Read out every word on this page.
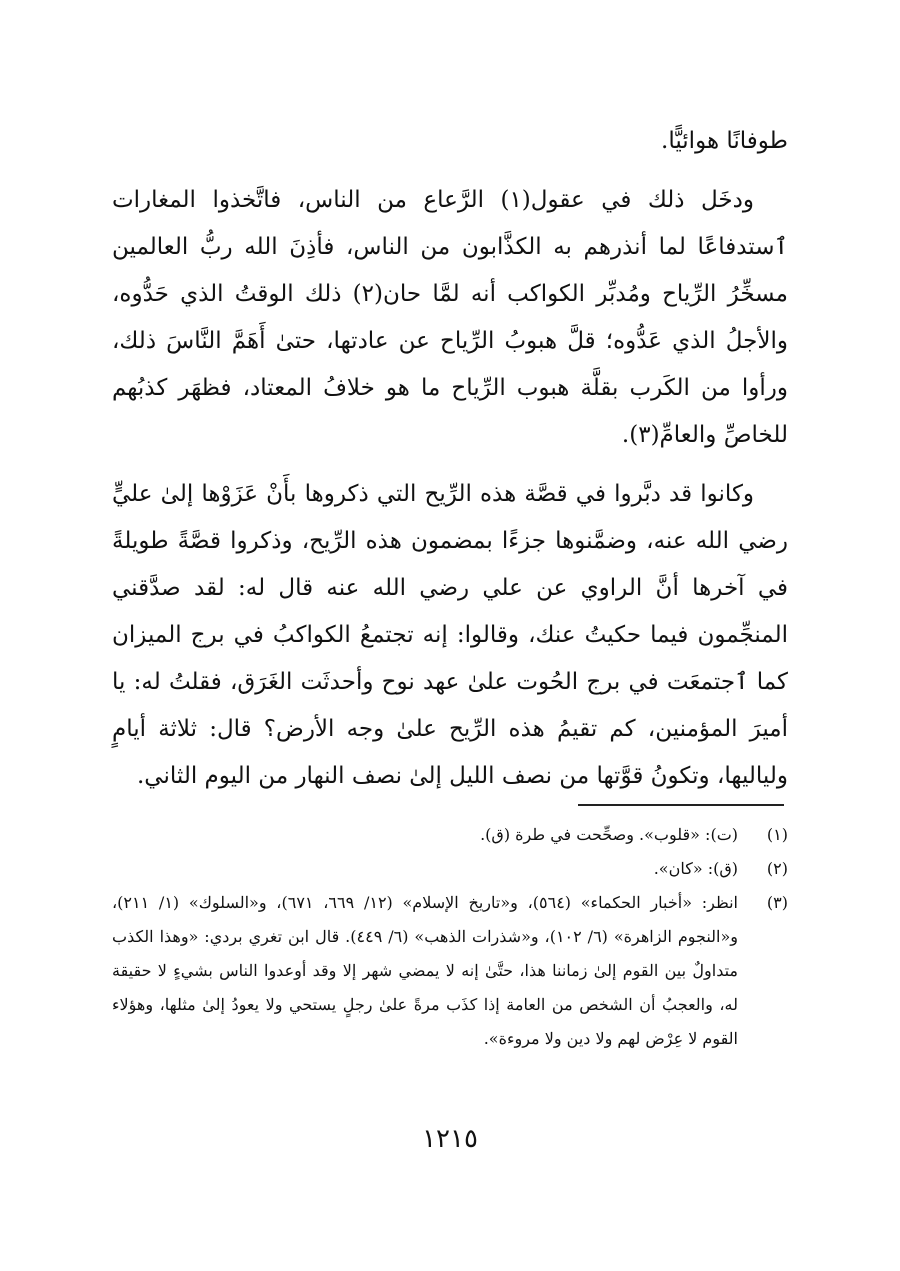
طوفانًا هوائيًّا.

ودخَل ذلك في عقول(١) الرَّعاع من الناس، فاتَّخذوا المغارات ٱستدفاعًا لما أنذرهم به الكذَّابون من الناس، فأذِنَ الله ربُّ العالمين مسخِّرُ الرِّياح ومُدبِّر الكواكب أنه لمَّا حان(٢) ذلك الوقتُ الذي حَدُّوه، والأجلُ الذي عَدُّوه؛ قلَّ هبوبُ الرِّياح عن عادتها، حتىٰ أَهَمَّ النَّاسَ ذلك، ورأوا من الكَرب بقلَّة هبوب الرِّياح ما هو خلافُ المعتاد، فظهَر كذبُهم للخاصِّ والعامِّ(٣).

وكانوا قد دبَّروا في قصَّة هذه الرِّيح التي ذكروها بأَنْ عَزَوْها إلىٰ عليٍّ رضي الله عنه، وضمَّنوها جزءًا بمضمون هذه الرِّيح، وذكروا قصَّةً طويلةً في آخرها أنَّ الراوي عن علي رضي الله عنه قال له: لقد صدَّقني المنجِّمون فيما حكيتُ عنك، وقالوا: إنه تجتمعُ الكواكبُ في برج الميزان كما ٱجتمعَت في برج الحُوت علىٰ عهد نوح وأحدثَت الغَرَق، فقلتُ له: يا أميرَ المؤمنين، كم تقيمُ هذه الرِّيح علىٰ وجه الأرض؟ قال: ثلاثة أيامٍ ولياليها، وتكونُ قوَّتها من نصف الليل إلىٰ نصف النهار من اليوم الثاني.

(١)
(ت): «قلوب». وصحِّحت في طرة (ق).
(٢)
(ق): «كان».
(٣)
انظر: «أخبار الحكماء» (٥٦٤)، و«تاريخ الإسلام» (١٢/ ٦٦٩، ٦٧١)، و«السلوك» (١/ ٢١١)، و«النجوم الزاهرة» (٦/ ١٠٢)، و«شذرات الذهب» (٦/ ٤٤٩). قال ابن تغري بردي: «وهذا الكذب متداولٌ بين القوم إلىٰ زماننا هذا، حتَّىٰ إنه لا يمضي شهر إلا وقد أوعدوا الناس بشيءٍ لا حقيقة له، والعجبُ أن الشخص من العامة إذا كذَب مرةً علىٰ رجلٍ يستحي ولا يعودُ إلىٰ مثلها، وهؤلاء القوم لا عِرْض لهم ولا دين ولا مروءة».
١٢١٥
